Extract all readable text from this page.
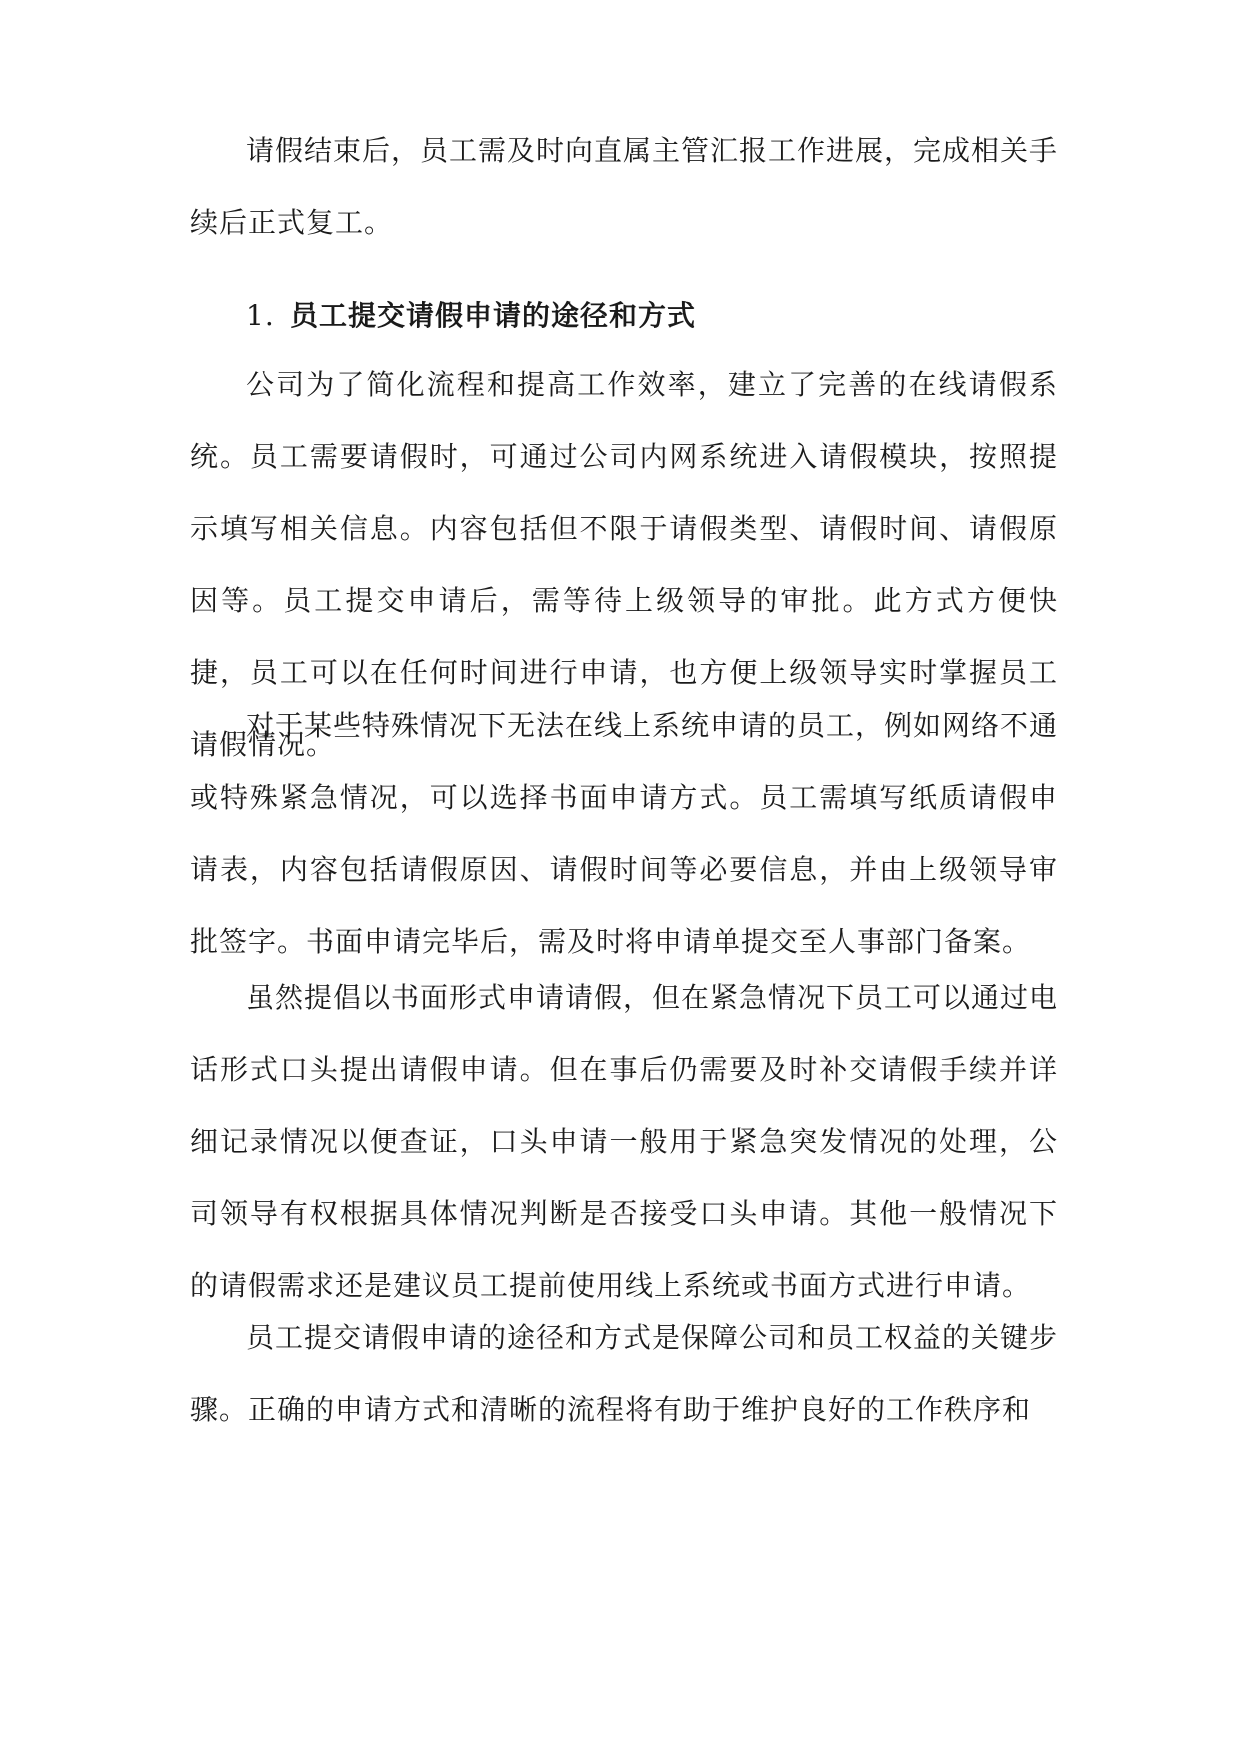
请假结束后，员工需及时向直属主管汇报工作进展，完成相关手续后正式复工。

1. 员工提交请假申请的途径和方式

公司为了简化流程和提高工作效率，建立了完善的在线请假系统。员工需要请假时，可通过公司内网系统进入请假模块，按照提示填写相关信息。内容包括但不限于请假类型、请假时间、请假原因等。员工提交申请后，需等待上级领导的审批。此方式方便快捷，员工可以在任何时间进行申请，也方便上级领导实时掌握员工请假情况。

对于某些特殊情况下无法在线上系统申请的员工，例如网络不通或特殊紧急情况，可以选择书面申请方式。员工需填写纸质请假申请表，内容包括请假原因、请假时间等必要信息，并由上级领导审批签字。书面申请完毕后，需及时将申请单提交至人事部门备案。

虽然提倡以书面形式申请请假，但在紧急情况下员工可以通过电话形式口头提出请假申请。但在事后仍需要及时补交请假手续并详细记录情况以便查证，口头申请一般用于紧急突发情况的处理，公司领导有权根据具体情况判断是否接受口头申请。其他一般情况下的请假需求还是建议员工提前使用线上系统或书面方式进行申请。

员工提交请假申请的途径和方式是保障公司和员工权益的关键步骤。正确的申请方式和清晰的流程将有助于维护良好的工作秩序和
